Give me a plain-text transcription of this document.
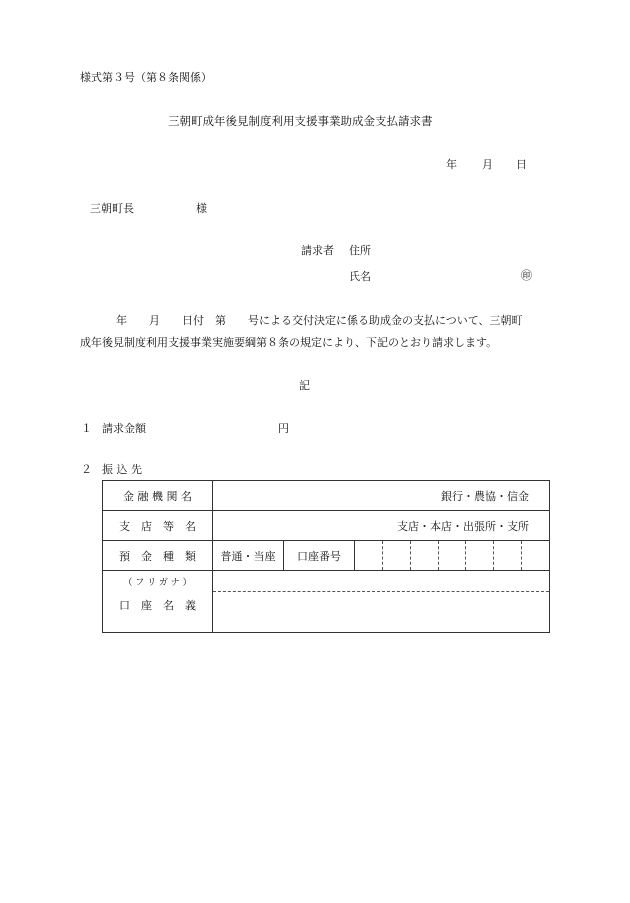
様式第３号（第８条関係）
三朝町成年後見制度利用支援事業助成金支払請求書
年 月 日
三朝町長	様
請求者 住所
氏名	㊞
年　　月　　日付　第　　号による交付決定に係る助成金の支払について、三朝町
成年後見制度利用支援事業実施要綱第８条の規定により、下記のとおり請求します。
記
１ 請求金額	円
２ 振 込 先
金 融 機 関 名	銀行・農協・信金		
支　店　等　名	支店・本店・出張所・支所		
預　金　種　類	普通・当座	口座番号	

（ フ リ ガ ナ ）
口　座　名　義			
